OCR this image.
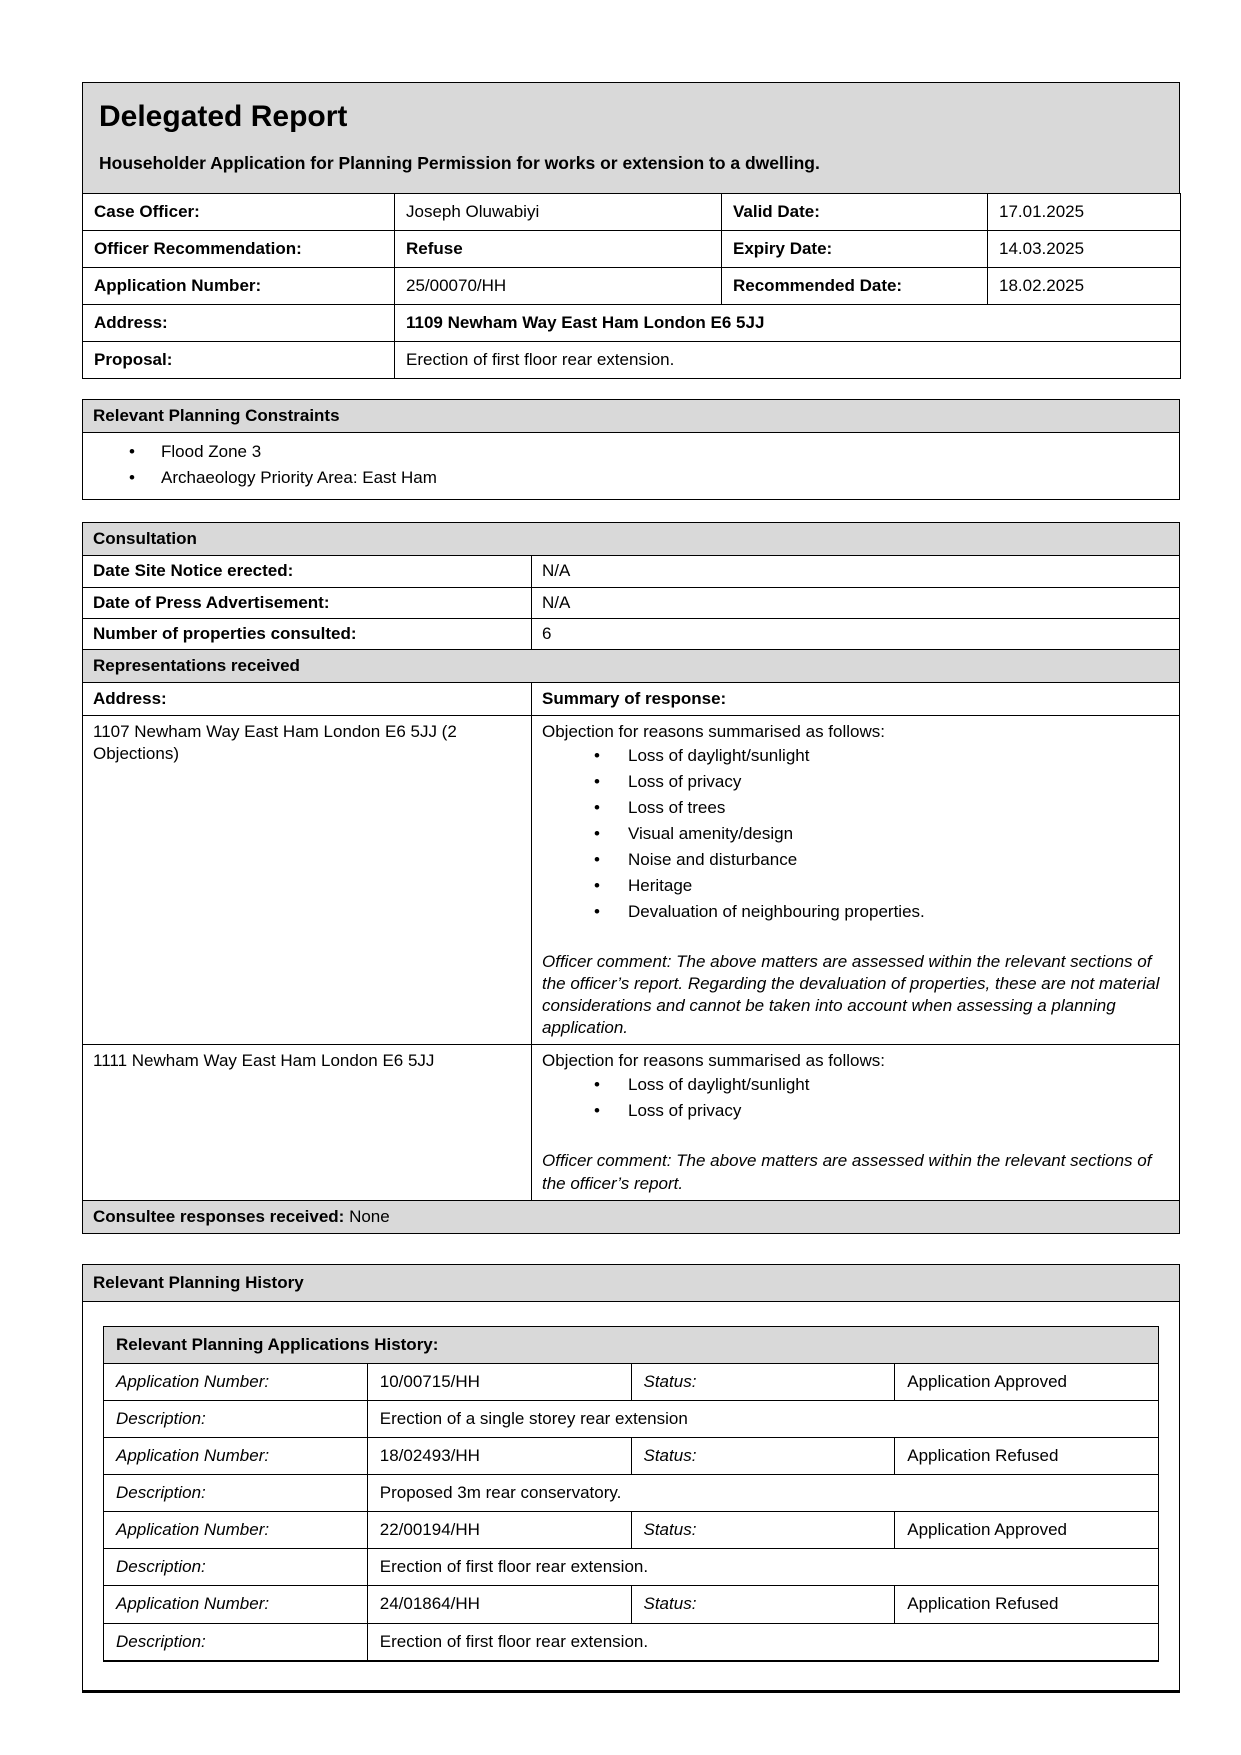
Delegated Report

Householder Application for Planning Permission for works or extension to a dwelling.

Case Officer:	Joseph Oluwabiyi	Valid Date:	17.01.2025
Officer Recommendation:	Refuse	Expiry Date:	14.03.2025
Application Number:	25/00070/HH	Recommended Date:	18.02.2025
Address:	1109 Newham Way East Ham London E6 5JJ		
Proposal:	Erection of first floor rear extension.		
Relevant Planning Constraints
• Flood Zone 3
• Archaeology Priority Area: East Ham
Consultation
Date Site Notice erected:	N/A
Date of Press Advertisement:	N/A
Number of properties consulted:	6
Representations received
Address:	Summary of response:
1107 Newham Way East Ham London E6 5JJ (2 Objections)	
Objection for reasons summarised as follows:
• Loss of daylight/sunlight
• Loss of privacy
• Loss of trees
• Visual amenity/design
• Noise and disturbance
• Heritage
• Devaluation of neighbouring properties.
Officer comment: The above matters are assessed within the relevant sections of the officer’s report. Regarding the devaluation of properties, these are not material considerations and cannot be taken into account when assessing a planning application.

1111 Newham Way East Ham London E6 5JJ	Objection for reasons summarised as follows:
• Loss of daylight/sunlight
• Loss of privacy
Officer comment: The above matters are assessed within the relevant sections of the officer’s report.
Consultee responses received: None
Relevant Planning History
Relevant Planning Applications History:			
Application Number:	10/00715/HH	Status:	Application Approved
Description:	Erection of a single storey rear extension		
Application Number:	18/02493/HH	Status:	Application Refused
Description:	Proposed 3m rear conservatory.		
Application Number:	22/00194/HH	Status:	Application Approved
Description:	Erection of first floor rear extension.		
Application Number:	24/01864/HH	Status:	Application Refused
Description:	Erection of first floor rear extension.		
